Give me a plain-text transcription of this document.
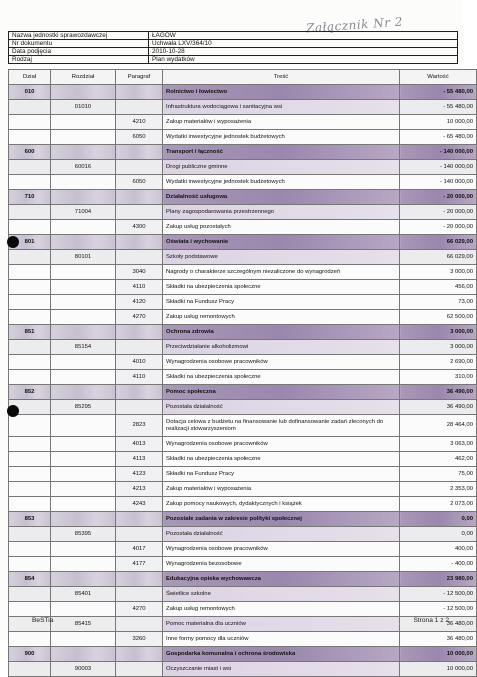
Załącznik Nr 2
Nazwa jednostki sprawozdawczej	ŁAGÓW
Nr dokumentu	Uchwała LXV/364/10
Data podjęcia	2010-10-28
Rodzaj	Plan wydatków
Dział	Rozdział	Paragraf	Treść	Wartość
010			Rolnictwo i łowiectwo	- 55 480,00
	01010		Infrastruktura wodociągowa i sanitacyjna wsi	- 55 480,00
		4210	Zakup materiałów i wyposażenia	10 000,00
		6050	Wydatki inwestycyjne jednostek budżetowych	- 65 480,00
600			Transport i łączność	- 140 000,00
	60016		Drogi publiczne gminne	- 140 000,00
		6050	Wydatki inwestycyjne jednostek budżetowych	- 140 000,00
710			Działalność usługowa	- 20 000,00
	71004		Plany zagospodarowania przestrzennego	- 20 000,00
		4300	Zakup usług pozostałych	- 20 000,00
801			Oświata i wychowanie	66 029,00
	80101		Szkoły podstawowe	66 029,00
		3040	Nagrody o charakterze szczególnym niezaliczone do wynagrodzeń	3 000,00
		4110	Składki na ubezpieczenia społeczne	456,00
		4120	Składki na Fundusz Pracy	73,00
		4270	Zakup usług remontowych	62 500,00
851			Ochrona zdrowia	3 000,00
	85154		Przeciwdziałanie alkoholizmowi	3 000,00
		4010	Wynagrodzenia osobowe pracowników	2 690,00
		4110	Składki na ubezpieczenia społeczne	310,00
852			Pomoc społeczna	36 490,00
	85295		Pozostała działalność	36 490,00
		2823	Dotacja celowa z budżetu na finansowanie lub dofinansowanie zadań zleconych do realizacji stowarzyszeniom	28 464,00
		4013	Wynagrodzenia osobowe pracowników	3 063,00
		4113	Składki na ubezpieczenia społeczne	462,00
		4123	Składki na Fundusz Pracy	75,00
		4213	Zakup materiałów i wyposażenia	2 353,00
		4243	Zakup pomocy naukowych, dydaktycznych i książek	2 073,00
853			Pozostałe zadania w zakresie polityki społecznej	0,00
	85395		Pozostała działalność	0,00
		4017	Wynagrodzenia osobowe pracowników	400,00
		4177	Wynagrodzenia bezosobowe	- 400,00
854			Edukacyjna opieka wychowawcza	23 980,00
	85401		Świetlice szkolne	- 12 500,00
		4270	Zakup usług remontowych	- 12 500,00
	85415		Pomoc materialna dla uczniów	36 480,00
		3260	Inne formy pomocy dla uczniów	36 480,00
900			Gospodarka komunalna i ochrona środowiska	10 000,00
	90003		Oczyszczanie miast i wsi	10 000,00
BeSTia	Strona 1 z 2
